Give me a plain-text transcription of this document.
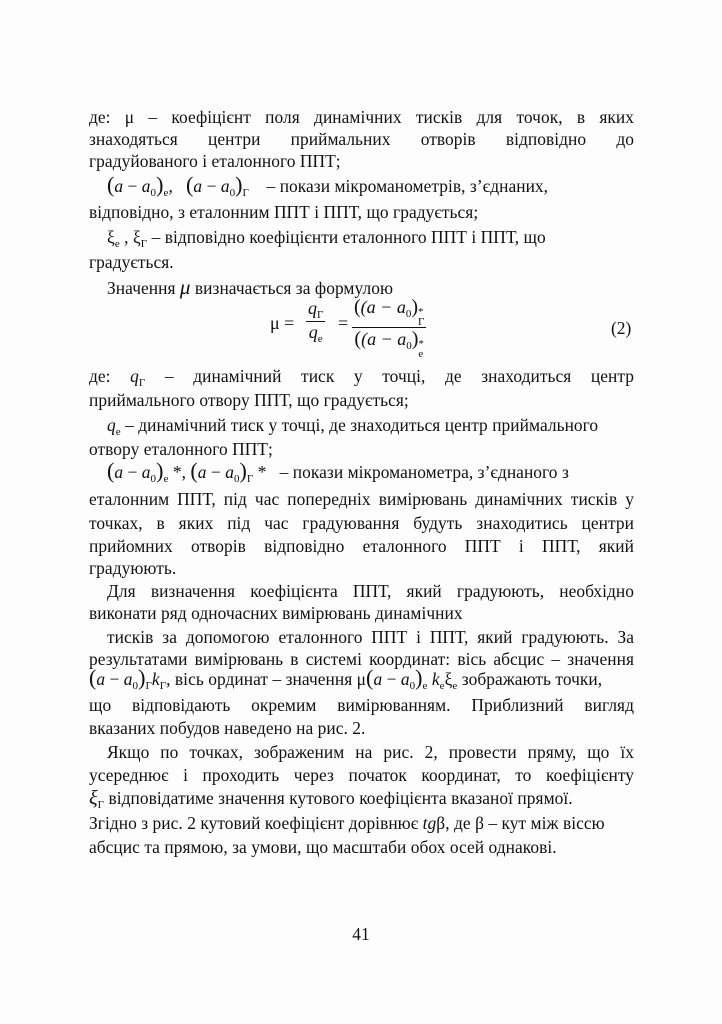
де: μ – коефіцієнт поля динамічних тисків для точок, в яких
знаходяться центри приймальних отворів відповідно до
градуйованого і еталонного ППТ;
$(a - a_0)_е$,   $(a - a_0)_Г$    – покази мікроманометрів, з’єднаних,
відповідно, з еталонним ППТ і ППТ, що градується;
$\xi_е$ , $\xi_Г$ – відповідно коефіцієнти еталонного ППТ і ППТ, що
градується.
Значення μ визначається за формулою
μ =
$q_Г$
$q_е$
=
($(a - a_0)$ *
Г
($(a - a_0)$ *
е
(2)
де: $q_Г$ – динамічний тиск у точці, де знаходиться центр
приймального отвору ППТ, що градується;
$q_е$ – динамічний тиск у точці, де знаходиться центр приймального
отвору еталонного ППТ;
$(a - a_0)_е$ *, $(a - a_0)_Г$ *   – покази мікроманометра, з’єднаного з
еталонним ППТ, під час попередніх вимірювань динамічних тисків у
точках, в яких під час градуювання будуть знаходитись центри
прийомних отворів відповідно еталонного ППТ і ППТ, який
градуюють.
Для визначення коефіцієнта ППТ, який градуюють, необхідно
виконати ряд одночасних вимірювань динамічних
тисків за допомогою еталонного ППТ і ППТ, який градуюють. За
результатами вимірювань в системі координат: вісь абсцис – значення
$(a - a_0)_Гk_Г$, вісь ординат – значення $\mu(a - a_0)_е$ $k_е\xi_е$ зображають точки,
що відповідають окремим вимірюванням. Приблизний вигляд
вказаних побудов наведено на рис. 2.
Якщо по точках, зображеним на рис. 2, провести пряму, що їх
усереднює і проходить через початок координат, то коефіцієнту
$\xi_Г$ відповідатиме значення кутового коефіцієнта вказаної прямої.
Згідно з рис. 2 кутовий коефіцієнт дорівнює tgβ, де β – кут між віссю
абсцис та прямою, за умови, що масштаби обох осей однакові.
41
